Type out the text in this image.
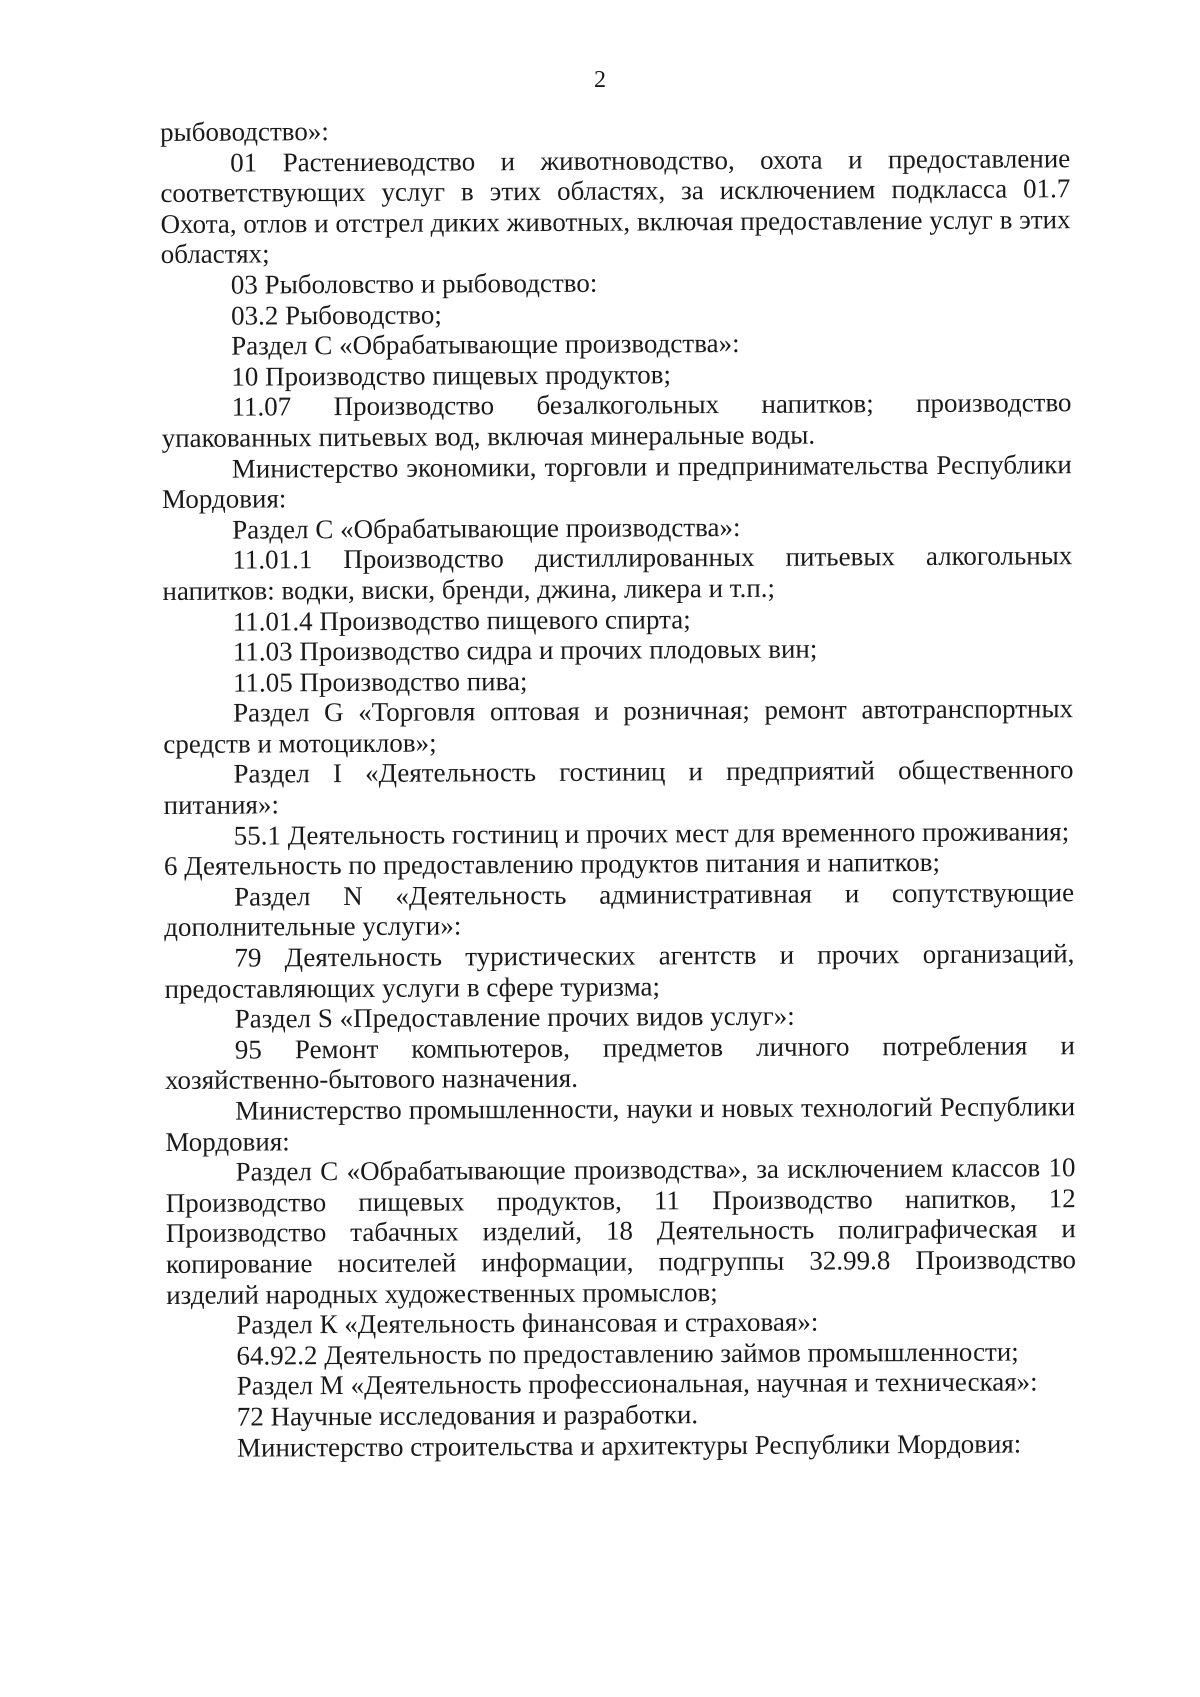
2

рыбоводство»:

01 Растениеводство и животноводство, охота и предоставление соответствующих услуг в этих областях, за исключением подкласса 01.7 Охота, отлов и отстрел диких животных, включая предоставление услуг в этих областях;

03 Рыболовство и рыбоводство:

03.2 Рыбоводство;

Раздел С «Обрабатывающие производства»:

10 Производство пищевых продуктов;

11.07 Производство безалкогольных напитков; производство упакованных питьевых вод, включая минеральные воды.

Министерство экономики, торговли и предпринимательства Республики Мордовия:

Раздел С «Обрабатывающие производства»:

11.01.1 Производство дистиллированных питьевых алкогольных напитков: водки, виски, бренди, джина, ликера и т.п.;

11.01.4 Производство пищевого спирта;

11.03 Производство сидра и прочих плодовых вин;

11.05 Производство пива;

Раздел G «Торговля оптовая и розничная; ремонт автотранспортных средств и мотоциклов»;

Раздел I «Деятельность гостиниц и предприятий общественного питания»:

55.1 Деятельность гостиниц и прочих мест для временного проживания;

6 Деятельность по предоставлению продуктов питания и напитков;

Раздел N «Деятельность административная и сопутствующие дополнительные услуги»:

79 Деятельность туристических агентств и прочих организаций, предоставляющих услуги в сфере туризма;

Раздел S «Предоставление прочих видов услуг»:

95 Ремонт компьютеров, предметов личного потребления и хозяйственно-бытового назначения.

Министерство промышленности, науки и новых технологий Республики Мордовия:

Раздел С «Обрабатывающие производства», за исключением классов 10 Производство пищевых продуктов, 11 Производство напитков, 12 Производство табачных изделий, 18 Деятельность полиграфическая и копирование носителей информации, подгруппы 32.99.8 Производство изделий народных художественных промыслов;

Раздел К «Деятельность финансовая и страховая»:

64.92.2 Деятельность по предоставлению займов промышленности;

Раздел М «Деятельность профессиональная, научная и техническая»:

72 Научные исследования и разработки.

Министерство строительства и архитектуры Республики Мордовия:
